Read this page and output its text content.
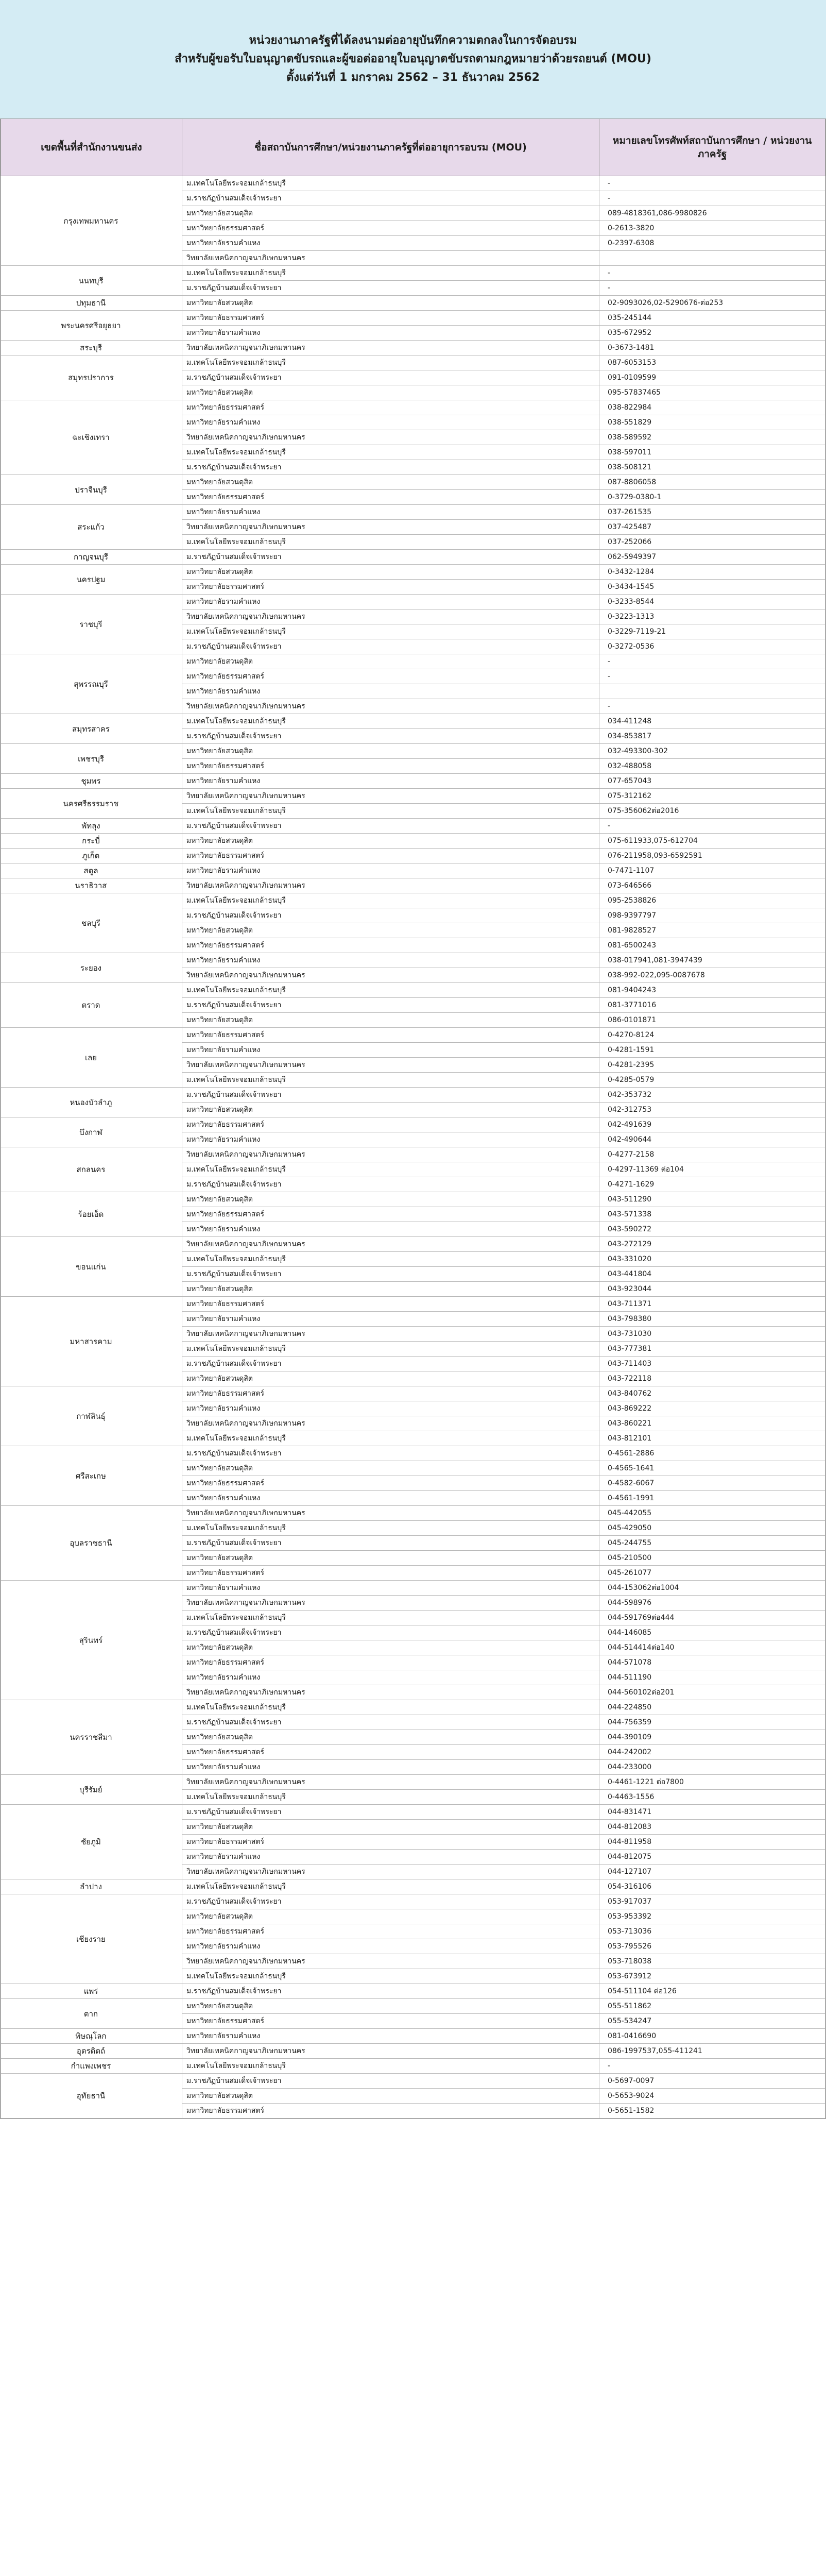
หน่วยงานภาครัฐที่ได้ลงนามต่ออายุบันทึกความตกลงในการจัดอบรม
สำหรับผู้ขอรับใบอนุญาตขับรถและผู้ขอต่ออายุใบอนุญาตขับรถตามกฎหมายว่าด้วยรถยนต์ (MOU)
ตั้งแต่วันที่ 1 มกราคม 2562 – 31 ธันวาคม 2562
เขตพื้นที่สำนักงานขนส่ง	ชื่อสถาบันการศึกษา/หน่วยงานภาครัฐที่ต่ออายุการอบรม (MOU)	หมายเลขโทรศัพท์สถาบันการศึกษา / หน่วยงานภาครัฐ
กรุงเทพมหานคร	ม.เทคโนโลยีพระจอมเกล้าธนบุรี	-
	ม.ราชภัฏบ้านสมเด็จเจ้าพระยา	-
	มหาวิทยาลัยสวนดุสิต	089-4818361,086-9980826
	มหาวิทยาลัยธรรมศาสตร์	0-2613-3820
	มหาวิทยาลัยรามคำแหง	0-2397-6308
	วิทยาลัยเทคนิคกาญจนาภิเษกมหานคร	
นนทบุรี	ม.เทคโนโลยีพระจอมเกล้าธนบุรี	-
	ม.ราชภัฏบ้านสมเด็จเจ้าพระยา	-
ปทุมธานี	มหาวิทยาลัยสวนดุสิต	02-9093026,02-5290676-ต่อ253
พระนครศรีอยุธยา	มหาวิทยาลัยธรรมศาสตร์	035-245144
	มหาวิทยาลัยรามคำแหง	035-672952
สระบุรี	วิทยาลัยเทคนิคกาญจนาภิเษกมหานคร	0-3673-1481
สมุทรปราการ	ม.เทคโนโลยีพระจอมเกล้าธนบุรี	087-6053153
	ม.ราชภัฏบ้านสมเด็จเจ้าพระยา	091-0109599
	มหาวิทยาลัยสวนดุสิต	095-57837465
ฉะเชิงเทรา	มหาวิทยาลัยธรรมศาสตร์	038-822984
	มหาวิทยาลัยรามคำแหง	038-551829
	วิทยาลัยเทคนิคกาญจนาภิเษกมหานคร	038-589592
	ม.เทคโนโลยีพระจอมเกล้าธนบุรี	038-597011
	ม.ราชภัฏบ้านสมเด็จเจ้าพระยา	038-508121
ปราจีนบุรี	มหาวิทยาลัยสวนดุสิต	087-8806058
	มหาวิทยาลัยธรรมศาสตร์	0-3729-0380-1
สระแก้ว	มหาวิทยาลัยรามคำแหง	037-261535
	วิทยาลัยเทคนิคกาญจนาภิเษกมหานคร	037-425487
	ม.เทคโนโลยีพระจอมเกล้าธนบุรี	037-252066
กาญจนบุรี	ม.ราชภัฏบ้านสมเด็จเจ้าพระยา	062-5949397
นครปฐม	มหาวิทยาลัยสวนดุสิต	0-3432-1284
	มหาวิทยาลัยธรรมศาสตร์	0-3434-1545
ราชบุรี	มหาวิทยาลัยรามคำแหง	0-3233-8544
	วิทยาลัยเทคนิคกาญจนาภิเษกมหานคร	0-3223-1313
	ม.เทคโนโลยีพระจอมเกล้าธนบุรี	0-3229-7119-21
	ม.ราชภัฏบ้านสมเด็จเจ้าพระยา	0-3272-0536
สุพรรณบุรี	มหาวิทยาลัยสวนดุสิต	-
	มหาวิทยาลัยธรรมศาสตร์	-
	มหาวิทยาลัยรามคำแหง	
	วิทยาลัยเทคนิคกาญจนาภิเษกมหานคร	-
สมุทรสาคร	ม.เทคโนโลยีพระจอมเกล้าธนบุรี	034-411248
	ม.ราชภัฏบ้านสมเด็จเจ้าพระยา	034-853817
เพชรบุรี	มหาวิทยาลัยสวนดุสิต	032-493300-302
	มหาวิทยาลัยธรรมศาสตร์	032-488058
ชุมพร	มหาวิทยาลัยรามคำแหง	077-657043
นครศรีธรรมราช	วิทยาลัยเทคนิคกาญจนาภิเษกมหานคร	075-312162
	ม.เทคโนโลยีพระจอมเกล้าธนบุรี	075-356062ต่อ2016
พัทลุง	ม.ราชภัฏบ้านสมเด็จเจ้าพระยา	-
กระบี่	มหาวิทยาลัยสวนดุสิต	075-611933,075-612704
ภูเก็ต	มหาวิทยาลัยธรรมศาสตร์	076-211958,093-6592591
สตูล	มหาวิทยาลัยรามคำแหง	0-7471-1107
นราธิวาส	วิทยาลัยเทคนิคกาญจนาภิเษกมหานคร	073-646566
ชลบุรี	ม.เทคโนโลยีพระจอมเกล้าธนบุรี	095-2538826
	ม.ราชภัฏบ้านสมเด็จเจ้าพระยา	098-9397797
	มหาวิทยาลัยสวนดุสิต	081-9828527
	มหาวิทยาลัยธรรมศาสตร์	081-6500243
ระยอง	มหาวิทยาลัยรามคำแหง	038-017941,081-3947439
	วิทยาลัยเทคนิคกาญจนาภิเษกมหานคร	038-992-022,095-0087678
ตราด	ม.เทคโนโลยีพระจอมเกล้าธนบุรี	081-9404243
	ม.ราชภัฏบ้านสมเด็จเจ้าพระยา	081-3771016
	มหาวิทยาลัยสวนดุสิต	086-0101871
เลย	มหาวิทยาลัยธรรมศาสตร์	0-4270-8124
	มหาวิทยาลัยรามคำแหง	0-4281-1591
	วิทยาลัยเทคนิคกาญจนาภิเษกมหานคร	0-4281-2395
	ม.เทคโนโลยีพระจอมเกล้าธนบุรี	0-4285-0579
หนองบัวลำภู	ม.ราชภัฏบ้านสมเด็จเจ้าพระยา	042-353732
	มหาวิทยาลัยสวนดุสิต	042-312753
บึงกาฬ	มหาวิทยาลัยธรรมศาสตร์	042-491639
	มหาวิทยาลัยรามคำแหง	042-490644
สกลนคร	วิทยาลัยเทคนิคกาญจนาภิเษกมหานคร	0-4277-2158
	ม.เทคโนโลยีพระจอมเกล้าธนบุรี	0-4297-11369 ต่อ104
	ม.ราชภัฏบ้านสมเด็จเจ้าพระยา	0-4271-1629
ร้อยเอ็ด	มหาวิทยาลัยสวนดุสิต	043-511290
	มหาวิทยาลัยธรรมศาสตร์	043-571338
	มหาวิทยาลัยรามคำแหง	043-590272
ขอนแก่น	วิทยาลัยเทคนิคกาญจนาภิเษกมหานคร	043-272129
	ม.เทคโนโลยีพระจอมเกล้าธนบุรี	043-331020
	ม.ราชภัฏบ้านสมเด็จเจ้าพระยา	043-441804
	มหาวิทยาลัยสวนดุสิต	043-923044
มหาสารคาม	มหาวิทยาลัยธรรมศาสตร์	043-711371
	มหาวิทยาลัยรามคำแหง	043-798380
	วิทยาลัยเทคนิคกาญจนาภิเษกมหานคร	043-731030
	ม.เทคโนโลยีพระจอมเกล้าธนบุรี	043-777381
	ม.ราชภัฏบ้านสมเด็จเจ้าพระยา	043-711403
	มหาวิทยาลัยสวนดุสิต	043-722118
กาฬสินธุ์	มหาวิทยาลัยธรรมศาสตร์	043-840762
	มหาวิทยาลัยรามคำแหง	043-869222
	วิทยาลัยเทคนิคกาญจนาภิเษกมหานคร	043-860221
	ม.เทคโนโลยีพระจอมเกล้าธนบุรี	043-812101
ศรีสะเกษ	ม.ราชภัฏบ้านสมเด็จเจ้าพระยา	0-4561-2886
	มหาวิทยาลัยสวนดุสิต	0-4565-1641
	มหาวิทยาลัยธรรมศาสตร์	0-4582-6067
	มหาวิทยาลัยรามคำแหง	0-4561-1991
อุบลราชธานี	วิทยาลัยเทคนิคกาญจนาภิเษกมหานคร	045-442055
	ม.เทคโนโลยีพระจอมเกล้าธนบุรี	045-429050
	ม.ราชภัฏบ้านสมเด็จเจ้าพระยา	045-244755
	มหาวิทยาลัยสวนดุสิต	045-210500
	มหาวิทยาลัยธรรมศาสตร์	045-261077
สุรินทร์	มหาวิทยาลัยรามคำแหง	044-153062ต่อ1004
	วิทยาลัยเทคนิคกาญจนาภิเษกมหานคร	044-598976
	ม.เทคโนโลยีพระจอมเกล้าธนบุรี	044-591769ต่อ444
	ม.ราชภัฏบ้านสมเด็จเจ้าพระยา	044-146085
	มหาวิทยาลัยสวนดุสิต	044-514414ต่อ140
	มหาวิทยาลัยธรรมศาสตร์	044-571078
	มหาวิทยาลัยรามคำแหง	044-511190
	วิทยาลัยเทคนิคกาญจนาภิเษกมหานคร	044-560102ต่อ201
นครราชสีมา	ม.เทคโนโลยีพระจอมเกล้าธนบุรี	044-224850
	ม.ราชภัฏบ้านสมเด็จเจ้าพระยา	044-756359
	มหาวิทยาลัยสวนดุสิต	044-390109
	มหาวิทยาลัยธรรมศาสตร์	044-242002
	มหาวิทยาลัยรามคำแหง	044-233000
บุรีรัมย์	วิทยาลัยเทคนิคกาญจนาภิเษกมหานคร	0-4461-1221 ต่อ7800
	ม.เทคโนโลยีพระจอมเกล้าธนบุรี	0-4463-1556
ชัยภูมิ	ม.ราชภัฏบ้านสมเด็จเจ้าพระยา	044-831471
	มหาวิทยาลัยสวนดุสิต	044-812083
	มหาวิทยาลัยธรรมศาสตร์	044-811958
	มหาวิทยาลัยรามคำแหง	044-812075
	วิทยาลัยเทคนิคกาญจนาภิเษกมหานคร	044-127107
ลำปาง	ม.เทคโนโลยีพระจอมเกล้าธนบุรี	054-316106
เชียงราย	ม.ราชภัฏบ้านสมเด็จเจ้าพระยา	053-917037
	มหาวิทยาลัยสวนดุสิต	053-953392
	มหาวิทยาลัยธรรมศาสตร์	053-713036
	มหาวิทยาลัยรามคำแหง	053-795526
	วิทยาลัยเทคนิคกาญจนาภิเษกมหานคร	053-718038
	ม.เทคโนโลยีพระจอมเกล้าธนบุรี	053-673912
แพร่	ม.ราชภัฏบ้านสมเด็จเจ้าพระยา	054-511104 ต่อ126
ตาก	มหาวิทยาลัยสวนดุสิต	055-511862
	มหาวิทยาลัยธรรมศาสตร์	055-534247
พิษณุโลก	มหาวิทยาลัยรามคำแหง	081-0416690
อุตรดิตถ์	วิทยาลัยเทคนิคกาญจนาภิเษกมหานคร	086-1997537,055-411241
กำแพงเพชร	ม.เทคโนโลยีพระจอมเกล้าธนบุรี	-
อุทัยธานี	ม.ราชภัฏบ้านสมเด็จเจ้าพระยา	0-5697-0097
	มหาวิทยาลัยสวนดุสิต	0-5653-9024
	มหาวิทยาลัยธรรมศาสตร์	0-5651-1582
